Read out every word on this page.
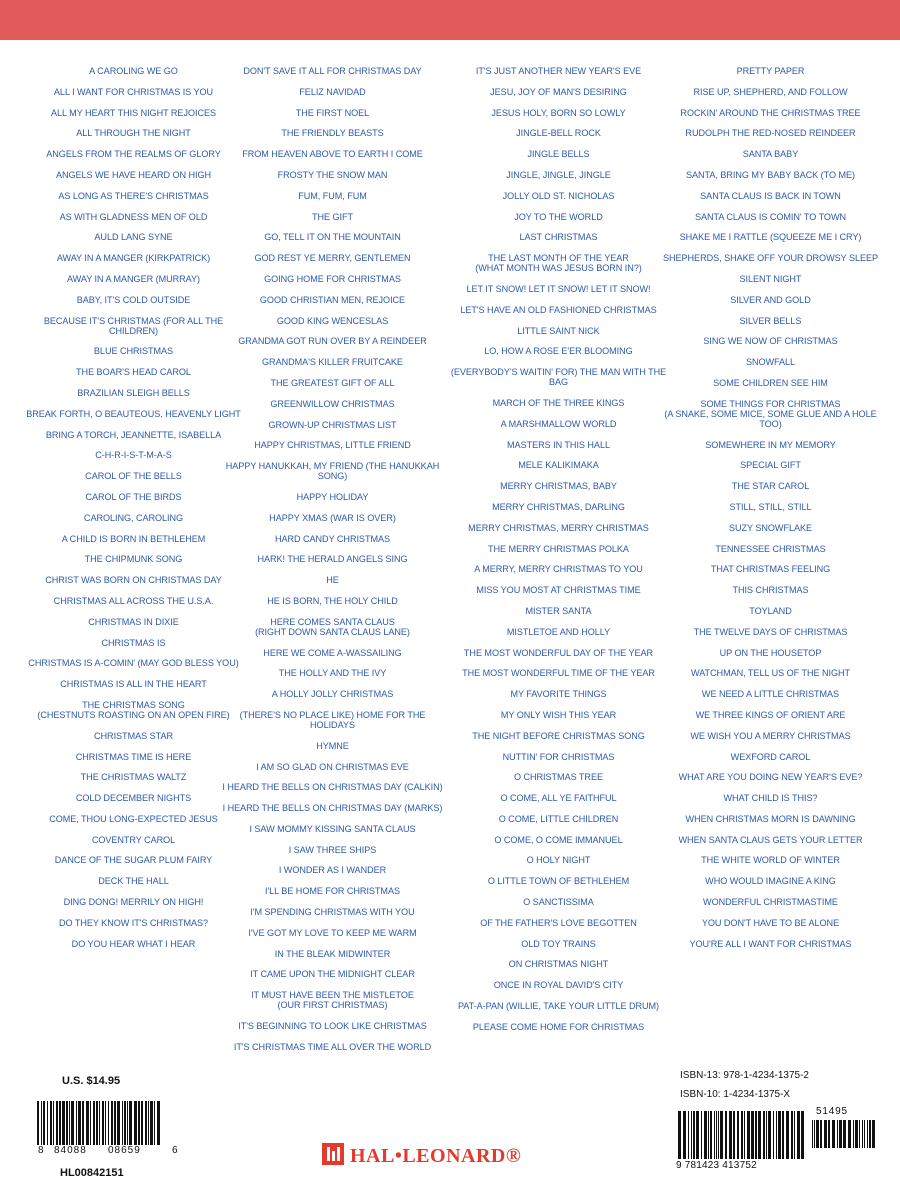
A CAROLING WE GO
ALL I WANT FOR CHRISTMAS IS YOU
ALL MY HEART THIS NIGHT REJOICES
ALL THROUGH THE NIGHT
ANGELS FROM THE REALMS OF GLORY
ANGELS WE HAVE HEARD ON HIGH
AS LONG AS THERE'S CHRISTMAS
AS WITH GLADNESS MEN OF OLD
AULD LANG SYNE
AWAY IN A MANGER (KIRKPATRICK)
AWAY IN A MANGER (MURRAY)
BABY, IT'S COLD OUTSIDE
BECAUSE IT'S CHRISTMAS (FOR ALL THE CHILDREN)
BLUE CHRISTMAS
THE BOAR'S HEAD CAROL
BRAZILIAN SLEIGH BELLS
BREAK FORTH, O BEAUTEOUS, HEAVENLY LIGHT
BRING A TORCH, JEANNETTE, ISABELLA
C-H-R-I-S-T-M-A-S
CAROL OF THE BELLS
CAROL OF THE BIRDS
CAROLING, CAROLING
A CHILD IS BORN IN BETHLEHEM
THE CHIPMUNK SONG
CHRIST WAS BORN ON CHRISTMAS DAY
CHRISTMAS ALL ACROSS THE U.S.A.
CHRISTMAS IN DIXIE
CHRISTMAS IS
CHRISTMAS IS A-COMIN' (MAY GOD BLESS YOU)
CHRISTMAS IS ALL IN THE HEART
THE CHRISTMAS SONG
(CHESTNUTS ROASTING ON AN OPEN FIRE)
CHRISTMAS STAR
CHRISTMAS TIME IS HERE
THE CHRISTMAS WALTZ
COLD DECEMBER NIGHTS
COME, THOU LONG-EXPECTED JESUS
COVENTRY CAROL
DANCE OF THE SUGAR PLUM FAIRY
DECK THE HALL
DING DONG! MERRILY ON HIGH!
DO THEY KNOW IT'S CHRISTMAS?
DO YOU HEAR WHAT I HEAR
DON'T SAVE IT ALL FOR CHRISTMAS DAY
FELIZ NAVIDAD
THE FIRST NOEL
THE FRIENDLY BEASTS
FROM HEAVEN ABOVE TO EARTH I COME
FROSTY THE SNOW MAN
FUM, FUM, FUM
THE GIFT
GO, TELL IT ON THE MOUNTAIN
GOD REST YE MERRY, GENTLEMEN
GOING HOME FOR CHRISTMAS
GOOD CHRISTIAN MEN, REJOICE
GOOD KING WENCESLAS
GRANDMA GOT RUN OVER BY A REINDEER
GRANDMA'S KILLER FRUITCAKE
THE GREATEST GIFT OF ALL
GREENWILLOW CHRISTMAS
GROWN-UP CHRISTMAS LIST
HAPPY CHRISTMAS, LITTLE FRIEND
HAPPY HANUKKAH, MY FRIEND (THE HANUKKAH SONG)
HAPPY HOLIDAY
HAPPY XMAS (WAR IS OVER)
HARD CANDY CHRISTMAS
HARK! THE HERALD ANGELS SING
HE
HE IS BORN, THE HOLY CHILD
HERE COMES SANTA CLAUS
(RIGHT DOWN SANTA CLAUS LANE)
HERE WE COME A-WASSAILING
THE HOLLY AND THE IVY
A HOLLY JOLLY CHRISTMAS
(THERE'S NO PLACE LIKE) HOME FOR THE HOLIDAYS
HYMNE
I AM SO GLAD ON CHRISTMAS EVE
I HEARD THE BELLS ON CHRISTMAS DAY (CALKIN)
I HEARD THE BELLS ON CHRISTMAS DAY (MARKS)
I SAW MOMMY KISSING SANTA CLAUS
I SAW THREE SHIPS
I WONDER AS I WANDER
I'LL BE HOME FOR CHRISTMAS
I'M SPENDING CHRISTMAS WITH YOU
I'VE GOT MY LOVE TO KEEP ME WARM
IN THE BLEAK MIDWINTER
IT CAME UPON THE MIDNIGHT CLEAR
IT MUST HAVE BEEN THE MISTLETOE
(OUR FIRST CHRISTMAS)
IT'S BEGINNING TO LOOK LIKE CHRISTMAS
IT'S CHRISTMAS TIME ALL OVER THE WORLD
IT'S JUST ANOTHER NEW YEAR'S EVE
JESU, JOY OF MAN'S DESIRING
JESUS HOLY, BORN SO LOWLY
JINGLE-BELL ROCK
JINGLE BELLS
JINGLE, JINGLE, JINGLE
JOLLY OLD ST. NICHOLAS
JOY TO THE WORLD
LAST CHRISTMAS
THE LAST MONTH OF THE YEAR
(WHAT MONTH WAS JESUS BORN IN?)
LET IT SNOW! LET IT SNOW! LET IT SNOW!
LET'S HAVE AN OLD FASHIONED CHRISTMAS
LITTLE SAINT NICK
LO, HOW A ROSE E'ER BLOOMING
(EVERYBODY'S WAITIN' FOR) THE MAN WITH THE BAG
MARCH OF THE THREE KINGS
A MARSHMALLOW WORLD
MASTERS IN THIS HALL
MELE KALIKIMAKA
MERRY CHRISTMAS, BABY
MERRY CHRISTMAS, DARLING
MERRY CHRISTMAS, MERRY CHRISTMAS
THE MERRY CHRISTMAS POLKA
A MERRY, MERRY CHRISTMAS TO YOU
MISS YOU MOST AT CHRISTMAS TIME
MISTER SANTA
MISTLETOE AND HOLLY
THE MOST WONDERFUL DAY OF THE YEAR
THE MOST WONDERFUL TIME OF THE YEAR
MY FAVORITE THINGS
MY ONLY WISH THIS YEAR
THE NIGHT BEFORE CHRISTMAS SONG
NUTTIN' FOR CHRISTMAS
O CHRISTMAS TREE
O COME, ALL YE FAITHFUL
O COME, LITTLE CHILDREN
O COME, O COME IMMANUEL
O HOLY NIGHT
O LITTLE TOWN OF BETHLEHEM
O SANCTISSIMA
OF THE FATHER'S LOVE BEGOTTEN
OLD TOY TRAINS
ON CHRISTMAS NIGHT
ONCE IN ROYAL DAVID'S CITY
PAT-A-PAN (WILLIE, TAKE YOUR LITTLE DRUM)
PLEASE COME HOME FOR CHRISTMAS
PRETTY PAPER
RISE UP, SHEPHERD, AND FOLLOW
ROCKIN' AROUND THE CHRISTMAS TREE
RUDOLPH THE RED-NOSED REINDEER
SANTA BABY
SANTA, BRING MY BABY BACK (TO ME)
SANTA CLAUS IS BACK IN TOWN
SANTA CLAUS IS COMIN' TO TOWN
SHAKE ME I RATTLE (SQUEEZE ME I CRY)
SHEPHERDS, SHAKE OFF YOUR DROWSY SLEEP
SILENT NIGHT
SILVER AND GOLD
SILVER BELLS
SING WE NOW OF CHRISTMAS
SNOWFALL
SOME CHILDREN SEE HIM
SOME THINGS FOR CHRISTMAS
(A SNAKE, SOME MICE, SOME GLUE AND A HOLE TOO)
SOMEWHERE IN MY MEMORY
SPECIAL GIFT
THE STAR CAROL
STILL, STILL, STILL
SUZY SNOWFLAKE
TENNESSEE CHRISTMAS
THAT CHRISTMAS FEELING
THIS CHRISTMAS
TOYLAND
THE TWELVE DAYS OF CHRISTMAS
UP ON THE HOUSETOP
WATCHMAN, TELL US OF THE NIGHT
WE NEED A LITTLE CHRISTMAS
WE THREE KINGS OF ORIENT ARE
WE WISH YOU A MERRY CHRISTMAS
WEXFORD CAROL
WHAT ARE YOU DOING NEW YEAR'S EVE?
WHAT CHILD IS THIS?
WHEN CHRISTMAS MORN IS DAWNING
WHEN SANTA CLAUS GETS YOUR LETTER
THE WHITE WORLD OF WINTER
WHO WOULD IMAGINE A KING
WONDERFUL CHRISTMASTIME
YOU DON'T HAVE TO BE ALONE
YOU'RE ALL I WANT FOR CHRISTMAS
U.S. $14.95
8 84088 08659	6
HL00842151
HAL•LEONARD®
ISBN-13: 978-1-4234-1375-2
ISBN-10: 1-4234-1375-X
51495
9 781423 413752
